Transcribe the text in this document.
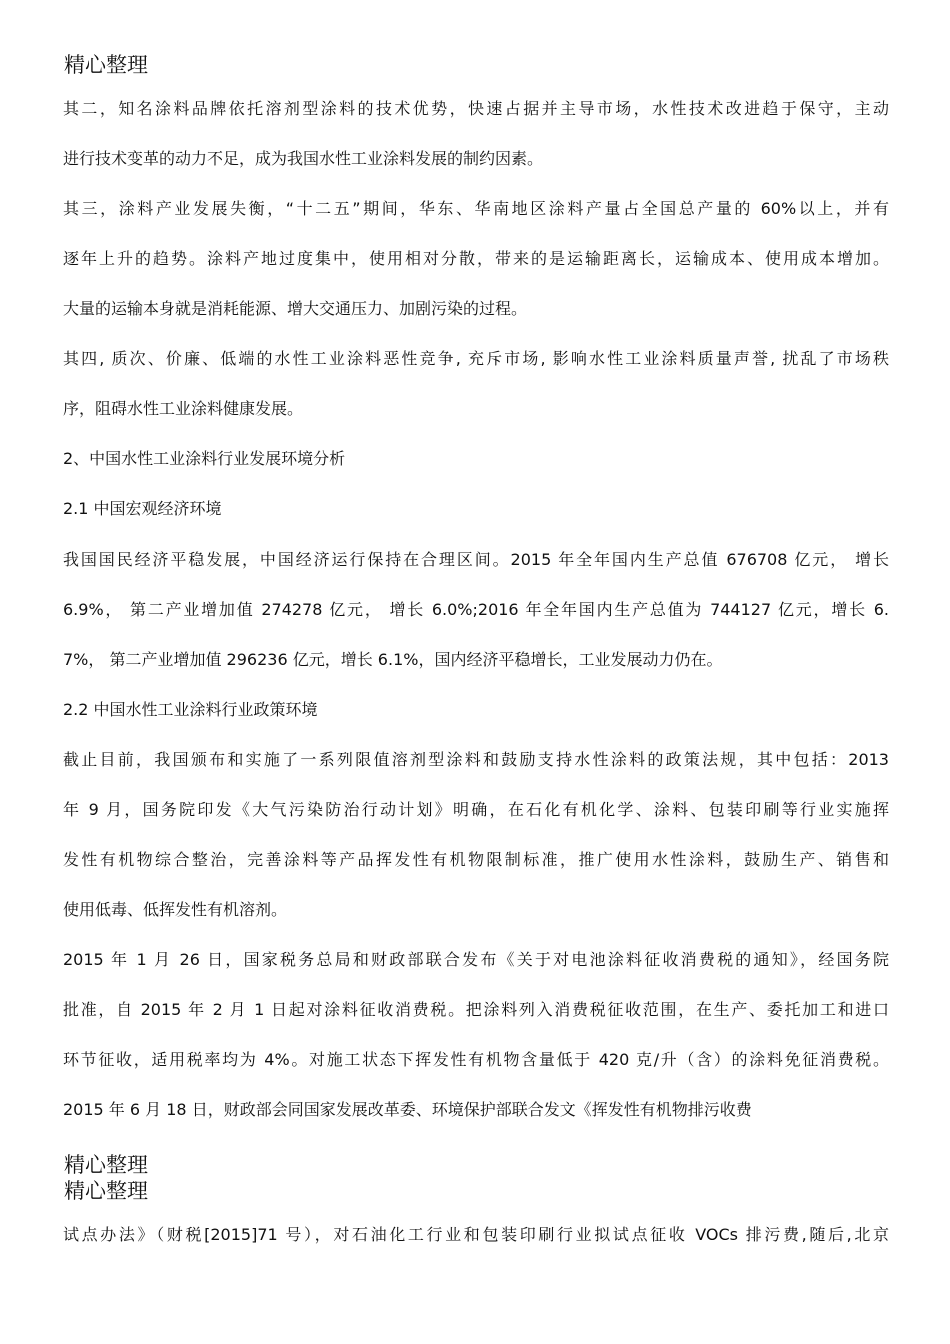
精心整理
其二，知名涂料品牌依托溶剂型涂料的技术优势，快速占据并主导市场，水性技术改进趋于保守，主动
进行技术变革的动力不足，成为我国水性工业涂料发展的制约因素。
其三，涂料产业发展失衡，“十二五”期间，华东、华南地区涂料产量占全国总产量的 60%以上，并有
逐年上升的趋势。涂料产地过度集中，使用相对分散，带来的是运输距离长，运输成本、使用成本增加。
大量的运输本身就是消耗能源、增大交通压力、加剧污染的过程。
其四, 质次、价廉、低端的水性工业涂料恶性竞争, 充斥市场, 影响水性工业涂料质量声誉, 扰乱了市场秩
序，阻碍水性工业涂料健康发展。
2、中国水性工业涂料行业发展环境分析
2.1 中国宏观经济环境
我国国民经济平稳发展，中国经济运行保持在合理区间。2015 年全年国内生产总值 676708 亿元， 增长
6.9%， 第二产业增加值 274278 亿元， 增长 6.0%;2016 年全年国内生产总值为 744127 亿元，增长 6.
7%， 第二产业增加值 296236 亿元，增长 6.1%，国内经济平稳增长，工业发展动力仍在。
2.2 中国水性工业涂料行业政策环境
截止目前，我国颁布和实施了一系列限值溶剂型涂料和鼓励支持水性涂料的政策法规，其中包括：2013
年 9 月，国务院印发《大气污染防治行动计划》明确，在石化有机化学、涂料、包装印刷等行业实施挥
发性有机物综合整治，完善涂料等产品挥发性有机物限制标准，推广使用水性涂料，鼓励生产、销售和
使用低毒、低挥发性有机溶剂。
2015 年 1 月 26 日，国家税务总局和财政部联合发布《关于对电池涂料征收消费税的通知》，经国务院
批准，自 2015 年 2 月 1 日起对涂料征收消费税。把涂料列入消费税征收范围，在生产、委托加工和进口
环节征收，适用税率均为 4%。对施工状态下挥发性有机物含量低于 420 克/升（含）的涂料免征消费税。
2015 年 6 月 18 日，财政部会同国家发展改革委、环境保护部联合发文《挥发性有机物排污收费
精心整理
精心整理
试点办法》（财税[2015]71 号），对石油化工行业和包装印刷行业拟试点征收 VOCs 排污费,随后,北京
